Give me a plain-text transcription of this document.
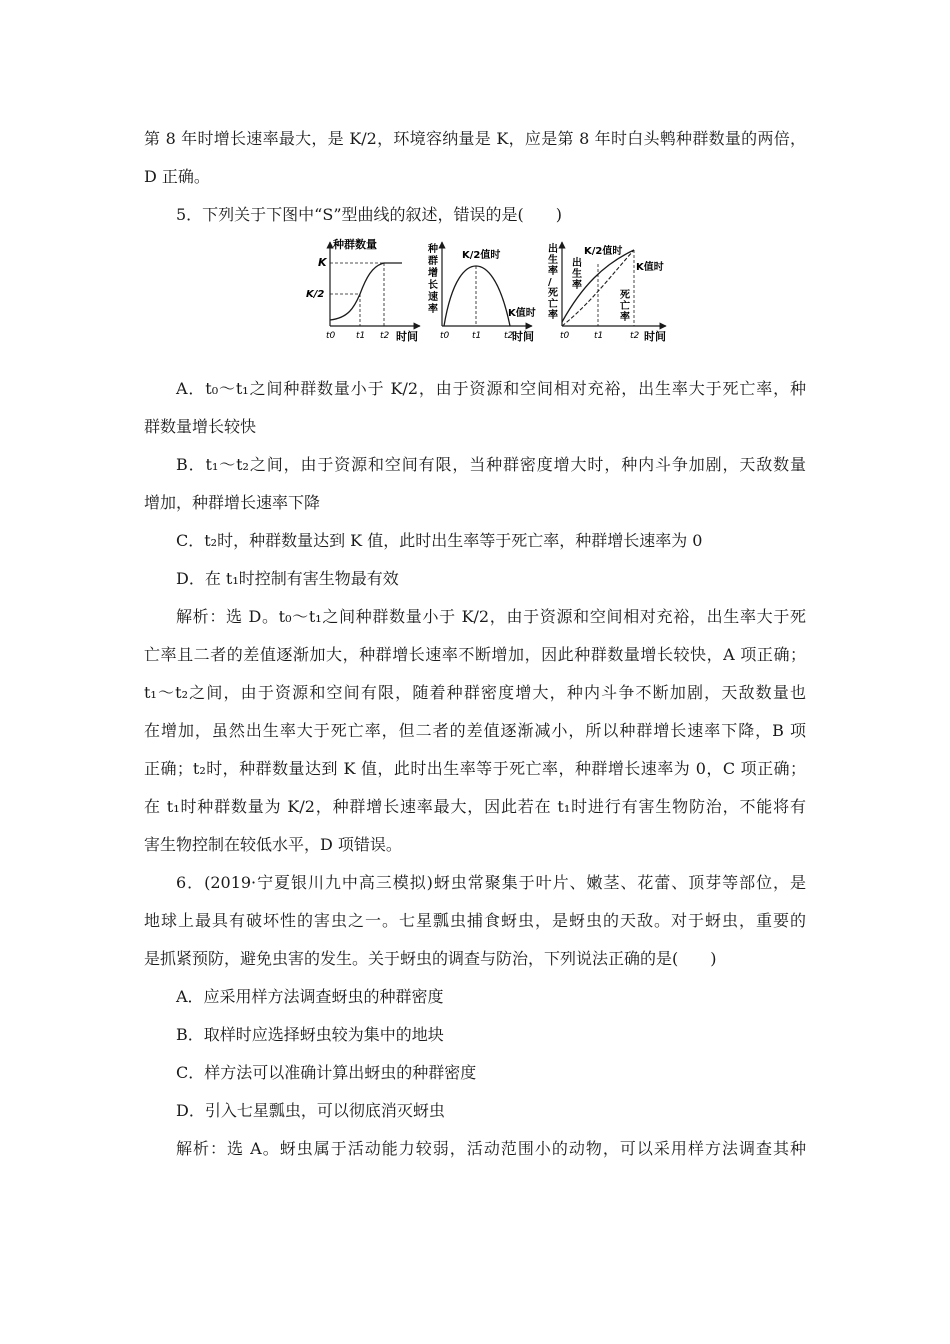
第 8 年时增长速率最大，是 K/2，环境容纳量是 K，应是第 8 年时白头鹎种群数量的两倍，
D 正确。
5．下列关于下图中“S”型曲线的叙述，错误的是(　　)
种群数量
K
K/2
t0 t1 t2 时间
种群增长速率
K/2值时
K值时
t0	t1	t2
时间
出生率/死亡率
K/2值时
K值时
出生率
死亡率
t0	t1	t2 时间
A．t₀～t₁之间种群数量小于 K/2，由于资源和空间相对充裕，出生率大于死亡率，种
群数量增长较快
B．t₁～t₂之间，由于资源和空间有限，当种群密度增大时，种内斗争加剧，天敌数量
增加，种群增长速率下降
C．t₂时，种群数量达到 K 值，此时出生率等于死亡率，种群增长速率为 0
D．在 t₁时控制有害生物最有效
解析：选 D。t₀～t₁之间种群数量小于 K/2，由于资源和空间相对充裕，出生率大于死
亡率且二者的差值逐渐加大，种群增长速率不断增加，因此种群数量增长较快，A 项正确；
t₁～t₂之间，由于资源和空间有限，随着种群密度增大，种内斗争不断加剧，天敌数量也
在增加，虽然出生率大于死亡率，但二者的差值逐渐减小，所以种群增长速率下降，B 项
正确；t₂时，种群数量达到 K 值，此时出生率等于死亡率，种群增长速率为 0，C 项正确；
在 t₁时种群数量为 K/2，种群增长速率最大，因此若在 t₁时进行有害生物防治，不能将有
害生物控制在较低水平，D 项错误。
6．(2019·宁夏银川九中高三模拟)蚜虫常聚集于叶片、嫩茎、花蕾、顶芽等部位，是
地球上最具有破坏性的害虫之一。七星瓢虫捕食蚜虫，是蚜虫的天敌。对于蚜虫，重要的
是抓紧预防，避免虫害的发生。关于蚜虫的调查与防治，下列说法正确的是(　　)
A．应采用样方法调查蚜虫的种群密度
B．取样时应选择蚜虫较为集中的地块
C．样方法可以准确计算出蚜虫的种群密度
D．引入七星瓢虫，可以彻底消灭蚜虫
解析：选 A。蚜虫属于活动能力较弱，活动范围小的动物，可以采用样方法调查其种
